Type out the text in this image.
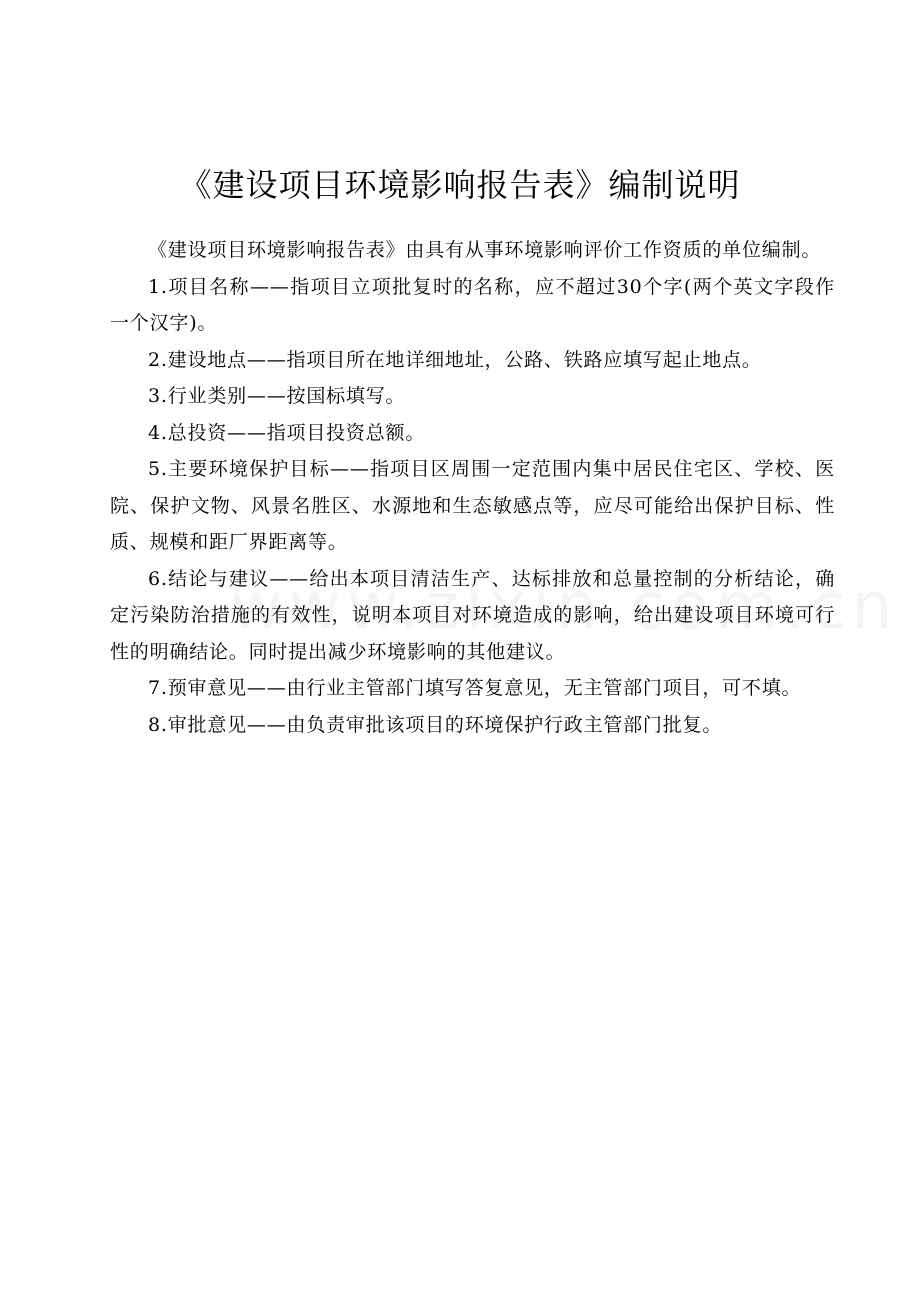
《建设项目环境影响报告表》编制说明

《建设项目环境影响报告表》由具有从事环境影响评价工作资质的单位编制。

1.项目名称——指项目立项批复时的名称，应不超过30个字(两个英文字段作一个汉字)。

2.建设地点——指项目所在地详细地址，公路、铁路应填写起止地点。

3.行业类别——按国标填写。

4.总投资——指项目投资总额。

5.主要环境保护目标——指项目区周围一定范围内集中居民住宅区、学校、医院、保护文物、风景名胜区、水源地和生态敏感点等，应尽可能给出保护目标、性质、规模和距厂界距离等。

6.结论与建议——给出本项目清洁生产、达标排放和总量控制的分析结论，确定污染防治措施的有效性，说明本项目对环境造成的影响，给出建设项目环境可行性的明确结论。同时提出减少环境影响的其他建议。

7.预审意见——由行业主管部门填写答复意见，无主管部门项目，可不填。

8.审批意见——由负责审批该项目的环境保护行政主管部门批复。
